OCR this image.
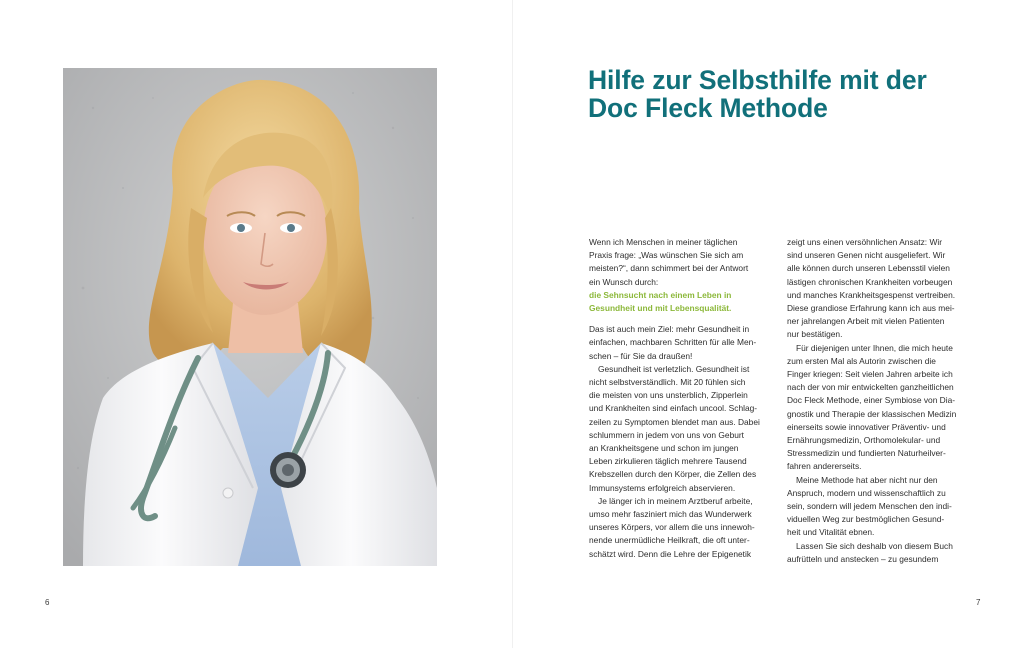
Hilfe zur Selbsthilfe mit der
Doc Fleck Methode
Wenn ich Menschen in meiner täglichen
Praxis frage: „Was wünschen Sie sich am
meisten?“, dann schimmert bei der Antwort
ein Wunsch durch:
die Sehnsucht nach einem Leben in
Gesundheit und mit Lebensqualität.
Das ist auch mein Ziel: mehr Gesundheit in
einfachen, machbaren Schritten für alle Men-
schen – für Sie da draußen!
Gesundheit ist verletzlich. Gesundheit ist
nicht selbstverständlich. Mit 20 fühlen sich
die meisten von uns unsterblich, Zipperlein
und Krankheiten sind einfach uncool. Schlag-
zeilen zu Symptomen blendet man aus. Dabei
schlummern in jedem von uns von Geburt
an Krankheitsgene und schon im jungen
Leben zirkulieren täglich mehrere Tausend
Krebszellen durch den Körper, die Zellen des
Immunsystems erfolgreich abservieren.
Je länger ich in meinem Arztberuf arbeite,
umso mehr fasziniert mich das Wunderwerk
unseres Körpers, vor allem die uns innewoh-
nende unermüdliche Heilkraft, die oft unter-
schätzt wird. Denn die Lehre der Epigenetik
zeigt uns einen versöhnlichen Ansatz: Wir
sind unseren Genen nicht ausgeliefert. Wir
alle können durch unseren Lebensstil vielen
lästigen chronischen Krankheiten vorbeugen
und manches Krankheitsgespenst vertreiben.
Diese grandiose Erfahrung kann ich aus mei-
ner jahrelangen Arbeit mit vielen Patienten
nur bestätigen.
Für diejenigen unter Ihnen, die mich heute
zum ersten Mal als Autorin zwischen die
Finger kriegen: Seit vielen Jahren arbeite ich
nach der von mir entwickelten ganzheitlichen
Doc Fleck Methode, einer Symbiose von Dia-
gnostik und Therapie der klassischen Medizin
einerseits sowie innovativer Präventiv- und
Ernährungsmedizin, Orthomolekular- und
Stressmedizin und fundierten Naturheilver-
fahren andererseits.
Meine Methode hat aber nicht nur den
Anspruch, modern und wissenschaftlich zu
sein, sondern will jedem Menschen den indi-
viduellen Weg zur bestmöglichen Gesund-
heit und Vitalität ebnen.
Lassen Sie sich deshalb von diesem Buch
aufrütteln und anstecken – zu gesundem
6	7
